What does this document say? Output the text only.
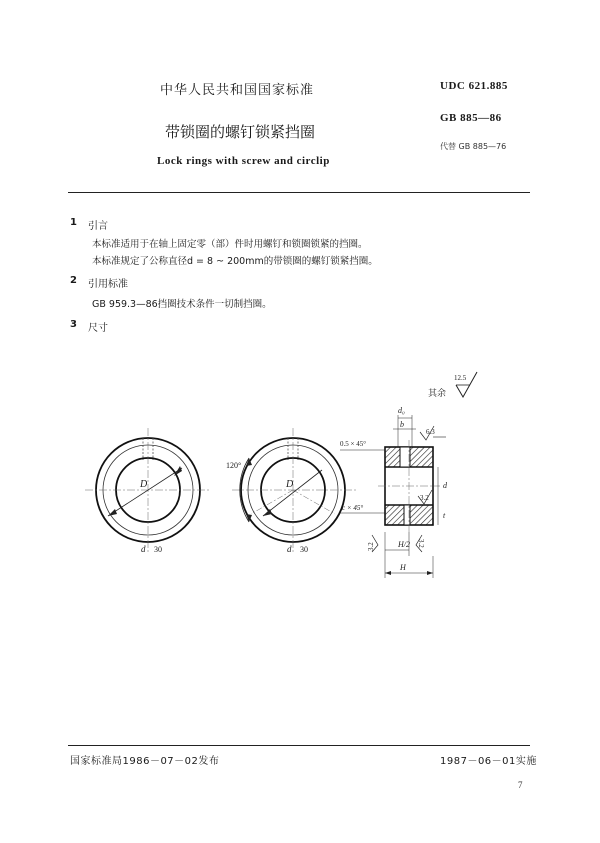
中华人民共和国国家标准	UDC 621.885
带锁圈的螺钉锁紧挡圈
GB 885—86
代替 GB 885—76
Lock rings with screw and circlip
1 引言
本标准适用于在轴上固定零（部）件时用螺钉和锁圈锁紧的挡圈。
本标准规定了公称直径d = 8 ~ 200mm的带锁圈的螺钉锁紧挡圈。
2 引用标准
GB 959.3—86挡圈技术条件一切制挡圈。
3 尺寸
其余
12.5
D
d 30
120°
D
d 30
d₀
b
6.3
0.5 × 45°
c × 45°
3.2
d
t
3.2	H/2 3.2
H
国家标准局1986－07－02发布	1987－06－01实施
7
